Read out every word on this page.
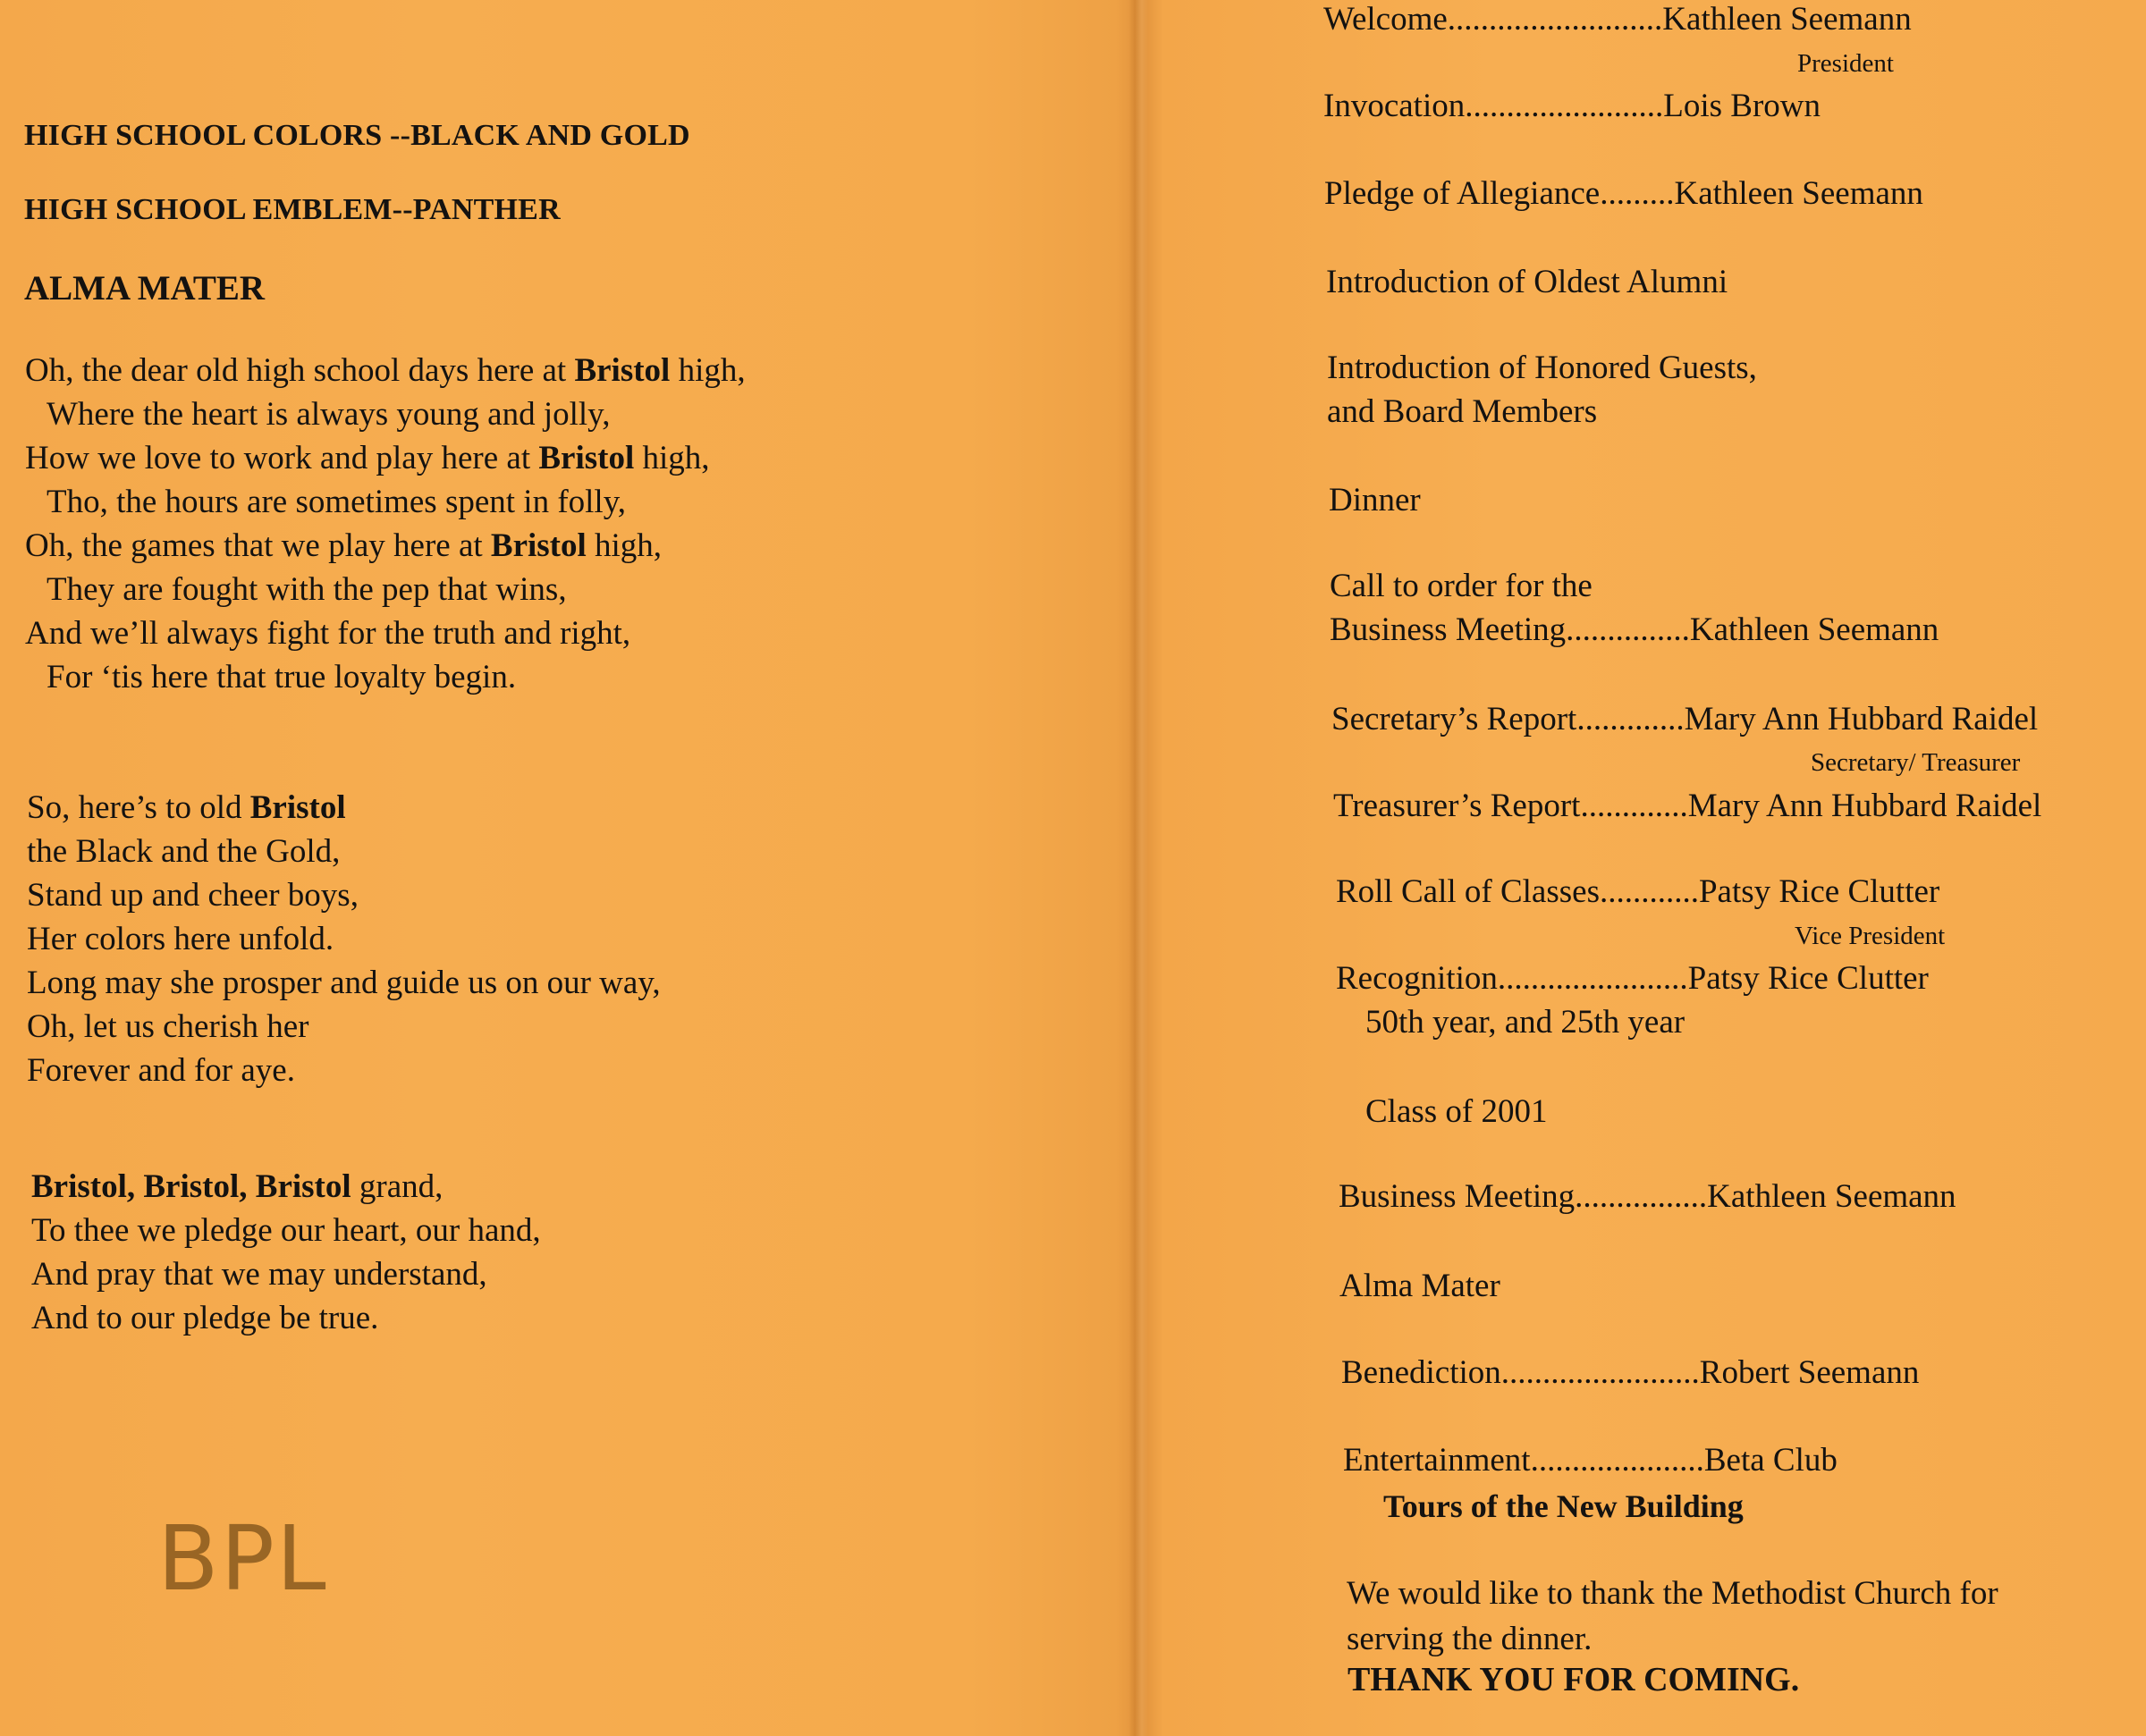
HIGH SCHOOL COLORS --BLACK AND GOLD
HIGH SCHOOL EMBLEM--PANTHER
ALMA MATER
Oh, the dear old high school days here at Bristol high,
Where the heart is always young and jolly,
How we love to work and play here at Bristol high,
Tho, the hours are sometimes spent in folly,
Oh, the games that we play here at Bristol high,
They are fought with the pep that wins,
And we’ll always fight for the truth and right,
For ‘tis here that true loyalty begin.
So, here’s to old Bristol
the Black and the Gold,
Stand up and cheer boys,
Her colors here unfold.
Long may she prosper and guide us on our way,
Oh, let us cherish her
Forever and for aye.
Bristol, Bristol, Bristol grand,
To thee we pledge our heart, our hand,
And pray that we may understand,
And to our pledge be true.
BPL
Welcome..........................Kathleen Seemann
President
Invocation........................Lois Brown
Pledge of Allegiance.........Kathleen Seemann
Introduction of Oldest Alumni
Introduction of Honored Guests,
and Board Members
Dinner
Call to order for the
Business Meeting...............Kathleen Seemann
Secretary’s Report.............Mary Ann Hubbard Raidel
Secretary/ Treasurer
Treasurer’s Report.............Mary Ann Hubbard Raidel
Roll Call of Classes............Patsy Rice Clutter
Vice President
Recognition.......................Patsy Rice Clutter
50th year, and 25th year
Class of 2001
Business Meeting................Kathleen Seemann
Alma Mater
Benediction........................Robert Seemann
Entertainment.....................Beta Club
Tours of the New Building
We would like to thank the Methodist Church for
serving the dinner.
THANK YOU FOR COMING.
